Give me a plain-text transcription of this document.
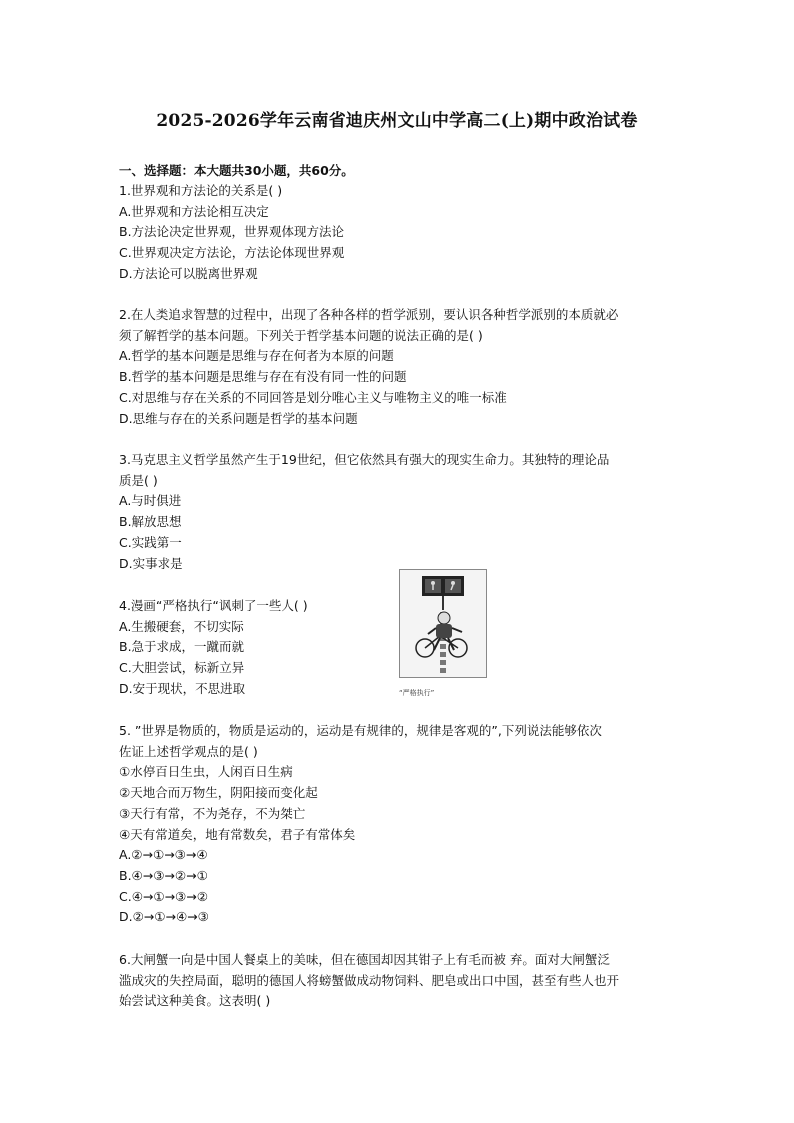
2025-2026学年云南省迪庆州文山中学高二(上)期中政治试卷
一、选择题：本大题共30小题，共60分。
1.世界观和方法论的关系是( )
A.世界观和方法论相互决定
B.方法论决定世界观，世界观体现方法论
C.世界观决定方法论，方法论体现世界观
D.方法论可以脱离世界观
2.在人类追求智慧的过程中，出现了各种各样的哲学派别，要认识各种哲学派别的本质就必
须了解哲学的基本问题。下列关于哲学基本问题的说法正确的是( )
A.哲学的基本问题是思维与存在何者为本原的问题
B.哲学的基本问题是思维与存在有没有同一性的问题
C.对思维与存在关系的不同回答是划分唯心主义与唯物主义的唯一标准
D.思维与存在的关系问题是哲学的基本问题
3.马克思主义哲学虽然产生于19世纪，但它依然具有强大的现实生命力。其独特的理论品
质是( )
A.与时俱进
B.解放思想
C.实践第一
D.实事求是
4.漫画“严格执行“讽刺了一些人( )
A.生搬硬套，不切实际
B.急于求成，一蹴而就
C.大胆尝试，标新立异
D.安于现状，不思进取	“严格执行”
5. ”世界是物质的，物质是运动的，运动是有规律的，规律是客观的”,下列说法能够依次
佐证上述哲学观点的是( )
①水停百日生虫，人闲百日生病
②天地合而万物生，阴阳接而变化起
③天行有常，不为尧存，不为桀亡
④天有常道矣，地有常数矣，君子有常体矣
A.②→①→③→④
B.④→③→②→①
C.④→①→③→②
D.②→①→④→③
6.大闸蟹一向是中国人餐桌上的美味，但在德国却因其钳子上有毛而被 弃。面对大闸蟹泛
滥成灾的失控局面，聪明的德国人将螃蟹做成动物饲料、肥皂或出口中国，甚至有些人也开
始尝试这种美食。这表明( )
